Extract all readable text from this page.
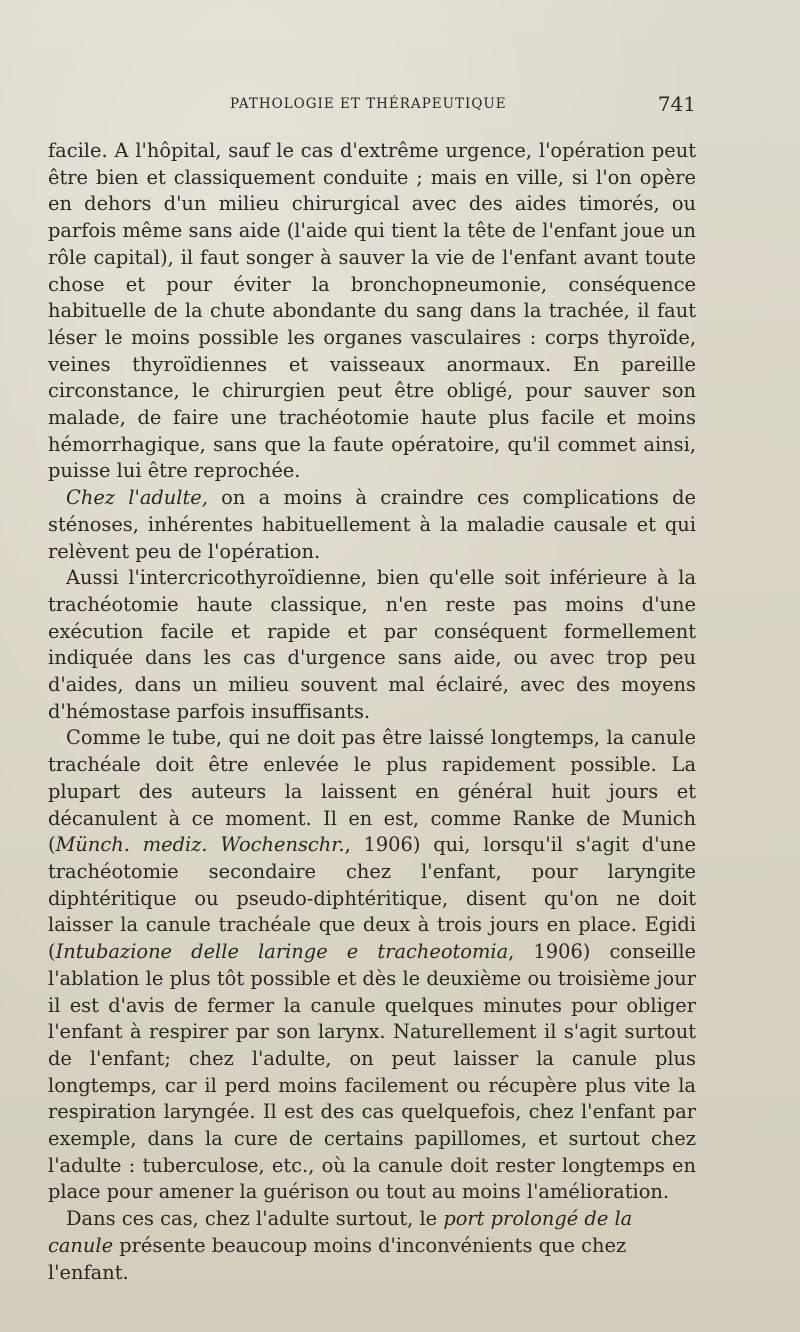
PATHOLOGIE ET THÉRAPEUTIQUE	741

facile. A l'hôpital, sauf le cas d'extrême urgence, l'opération peut être bien et classiquement conduite ; mais en ville, si l'on opère en dehors d'un milieu chirurgical avec des aides timorés, ou parfois même sans aide (l'aide qui tient la tête de l'enfant joue un rôle capital), il faut songer à sauver la vie de l'enfant avant toute chose et pour éviter la bronchopneumonie, conséquence habituelle de la chute abondante du sang dans la trachée, il faut léser le moins possible les organes vasculaires : corps thyroïde, veines thyroïdiennes et vaisseaux anormaux. En pareille circonstance, le chirurgien peut être obligé, pour sauver son malade, de faire une trachéotomie haute plus facile et moins hémorrhagique, sans que la faute opératoire, qu'il commet ainsi, puisse lui être reprochée.

Chez l'adulte, on a moins à craindre ces complications de sténoses, inhérentes habituellement à la maladie causale et qui relèvent peu de l'opération.

Aussi l'intercricothyroïdienne, bien qu'elle soit inférieure à la trachéotomie haute classique, n'en reste pas moins d'une exécution facile et rapide et par conséquent formellement indiquée dans les cas d'urgence sans aide, ou avec trop peu d'aides, dans un milieu souvent mal éclairé, avec des moyens d'hémostase parfois insuffisants.

Comme le tube, qui ne doit pas être laissé longtemps, la canule trachéale doit être enlevée le plus rapidement possible. La plupart des auteurs la laissent en général huit jours et décanulent à ce moment. Il en est, comme Ranke de Munich (Münch. mediz. Wochenschr., 1906) qui, lorsqu'il s'agit d'une trachéotomie secondaire chez l'enfant, pour laryngite diphtéritique ou pseudo-diphtéritique, disent qu'on ne doit laisser la canule trachéale que deux à trois jours en place. Egidi (Intubazione delle laringe e tracheotomia, 1906) conseille l'ablation le plus tôt possible et dès le deuxième ou troisième jour il est d'avis de fermer la canule quelques minutes pour obliger l'enfant à respirer par son larynx. Naturellement il s'agit surtout de l'enfant; chez l'adulte, on peut laisser la canule plus longtemps, car il perd moins facilement ou récupère plus vite la respiration laryngée. Il est des cas quelquefois, chez l'enfant par exemple, dans la cure de certains papillomes, et surtout chez l'adulte : tuberculose, etc., où la canule doit rester longtemps en place pour amener la guérison ou tout au moins l'amélioration.

Dans ces cas, chez l'adulte surtout, le port prolongé de la canule présente beaucoup moins d'inconvénients que chez l'enfant.
